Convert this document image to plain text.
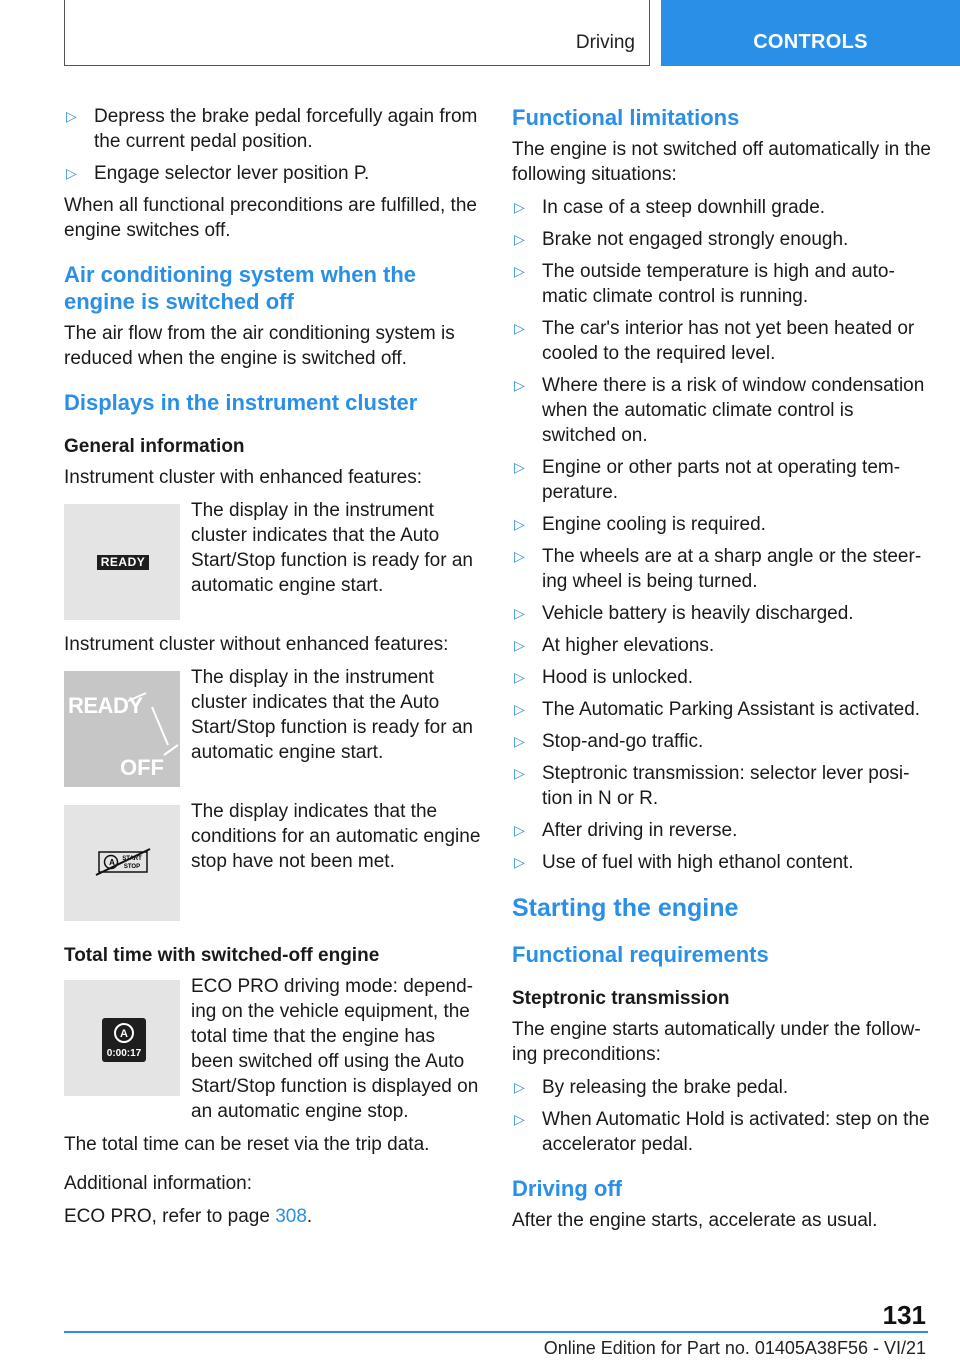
Driving	CONTROLS
▷ Depress the brake pedal forcefully again from the current pedal position.
▷ Engage selector lever position P.

When all functional preconditions are fulfilled, the engine switches off.

Air conditioning system when the engine is switched off

The air flow from the air conditioning system is reduced when the engine is switched off.

Displays in the instrument cluster
General information

Instrument cluster with enhanced features:

READY
The display in the instrument cluster indicates that the Auto Start/Stop function is ready for an automatic engine start.

Instrument cluster without enhanced features:

READY
OFF
The display in the instrument cluster indicates that the Auto Start/Stop function is ready for an automatic engine start.
A START
STOP
The display indicates that the conditions for an automatic engine stop have not been met.
Total time with switched-off engine
A
0:00:17
ECO PRO driving mode: depending on the vehicle equipment, the total time that the engine has been switched off using the Auto Start/Stop function is displayed on an automatic engine stop.

The total time can be reset via the trip data.

Additional information:

ECO PRO, refer to page 308.

Functional limitations

The engine is not switched off automatically in the following situations:

▷ In case of a steep downhill grade.
▷ Brake not engaged strongly enough.
▷ The outside temperature is high and automatic climate control is running.
▷ The car's interior has not yet been heated or cooled to the required level.
▷ Where there is a risk of window condensation when the automatic climate control is switched on.
▷ Engine or other parts not at operating temperature.
▷ Engine cooling is required.
▷ The wheels are at a sharp angle or the steering wheel is being turned.
▷ Vehicle battery is heavily discharged.
▷ At higher elevations.
▷ Hood is unlocked.
▷ The Automatic Parking Assistant is activated.
▷ Stop-and-go traffic.
▷ Steptronic transmission: selector lever position in N or R.
▷ After driving in reverse.
▷ Use of fuel with high ethanol content.
Starting the engine
Functional requirements
Steptronic transmission

The engine starts automatically under the following preconditions:

▷ By releasing the brake pedal.
▷ When Automatic Hold is activated: step on the accelerator pedal.
Driving off

After the engine starts, accelerate as usual.

131
Online Edition for Part no. 01405A38F56 - VI/21
